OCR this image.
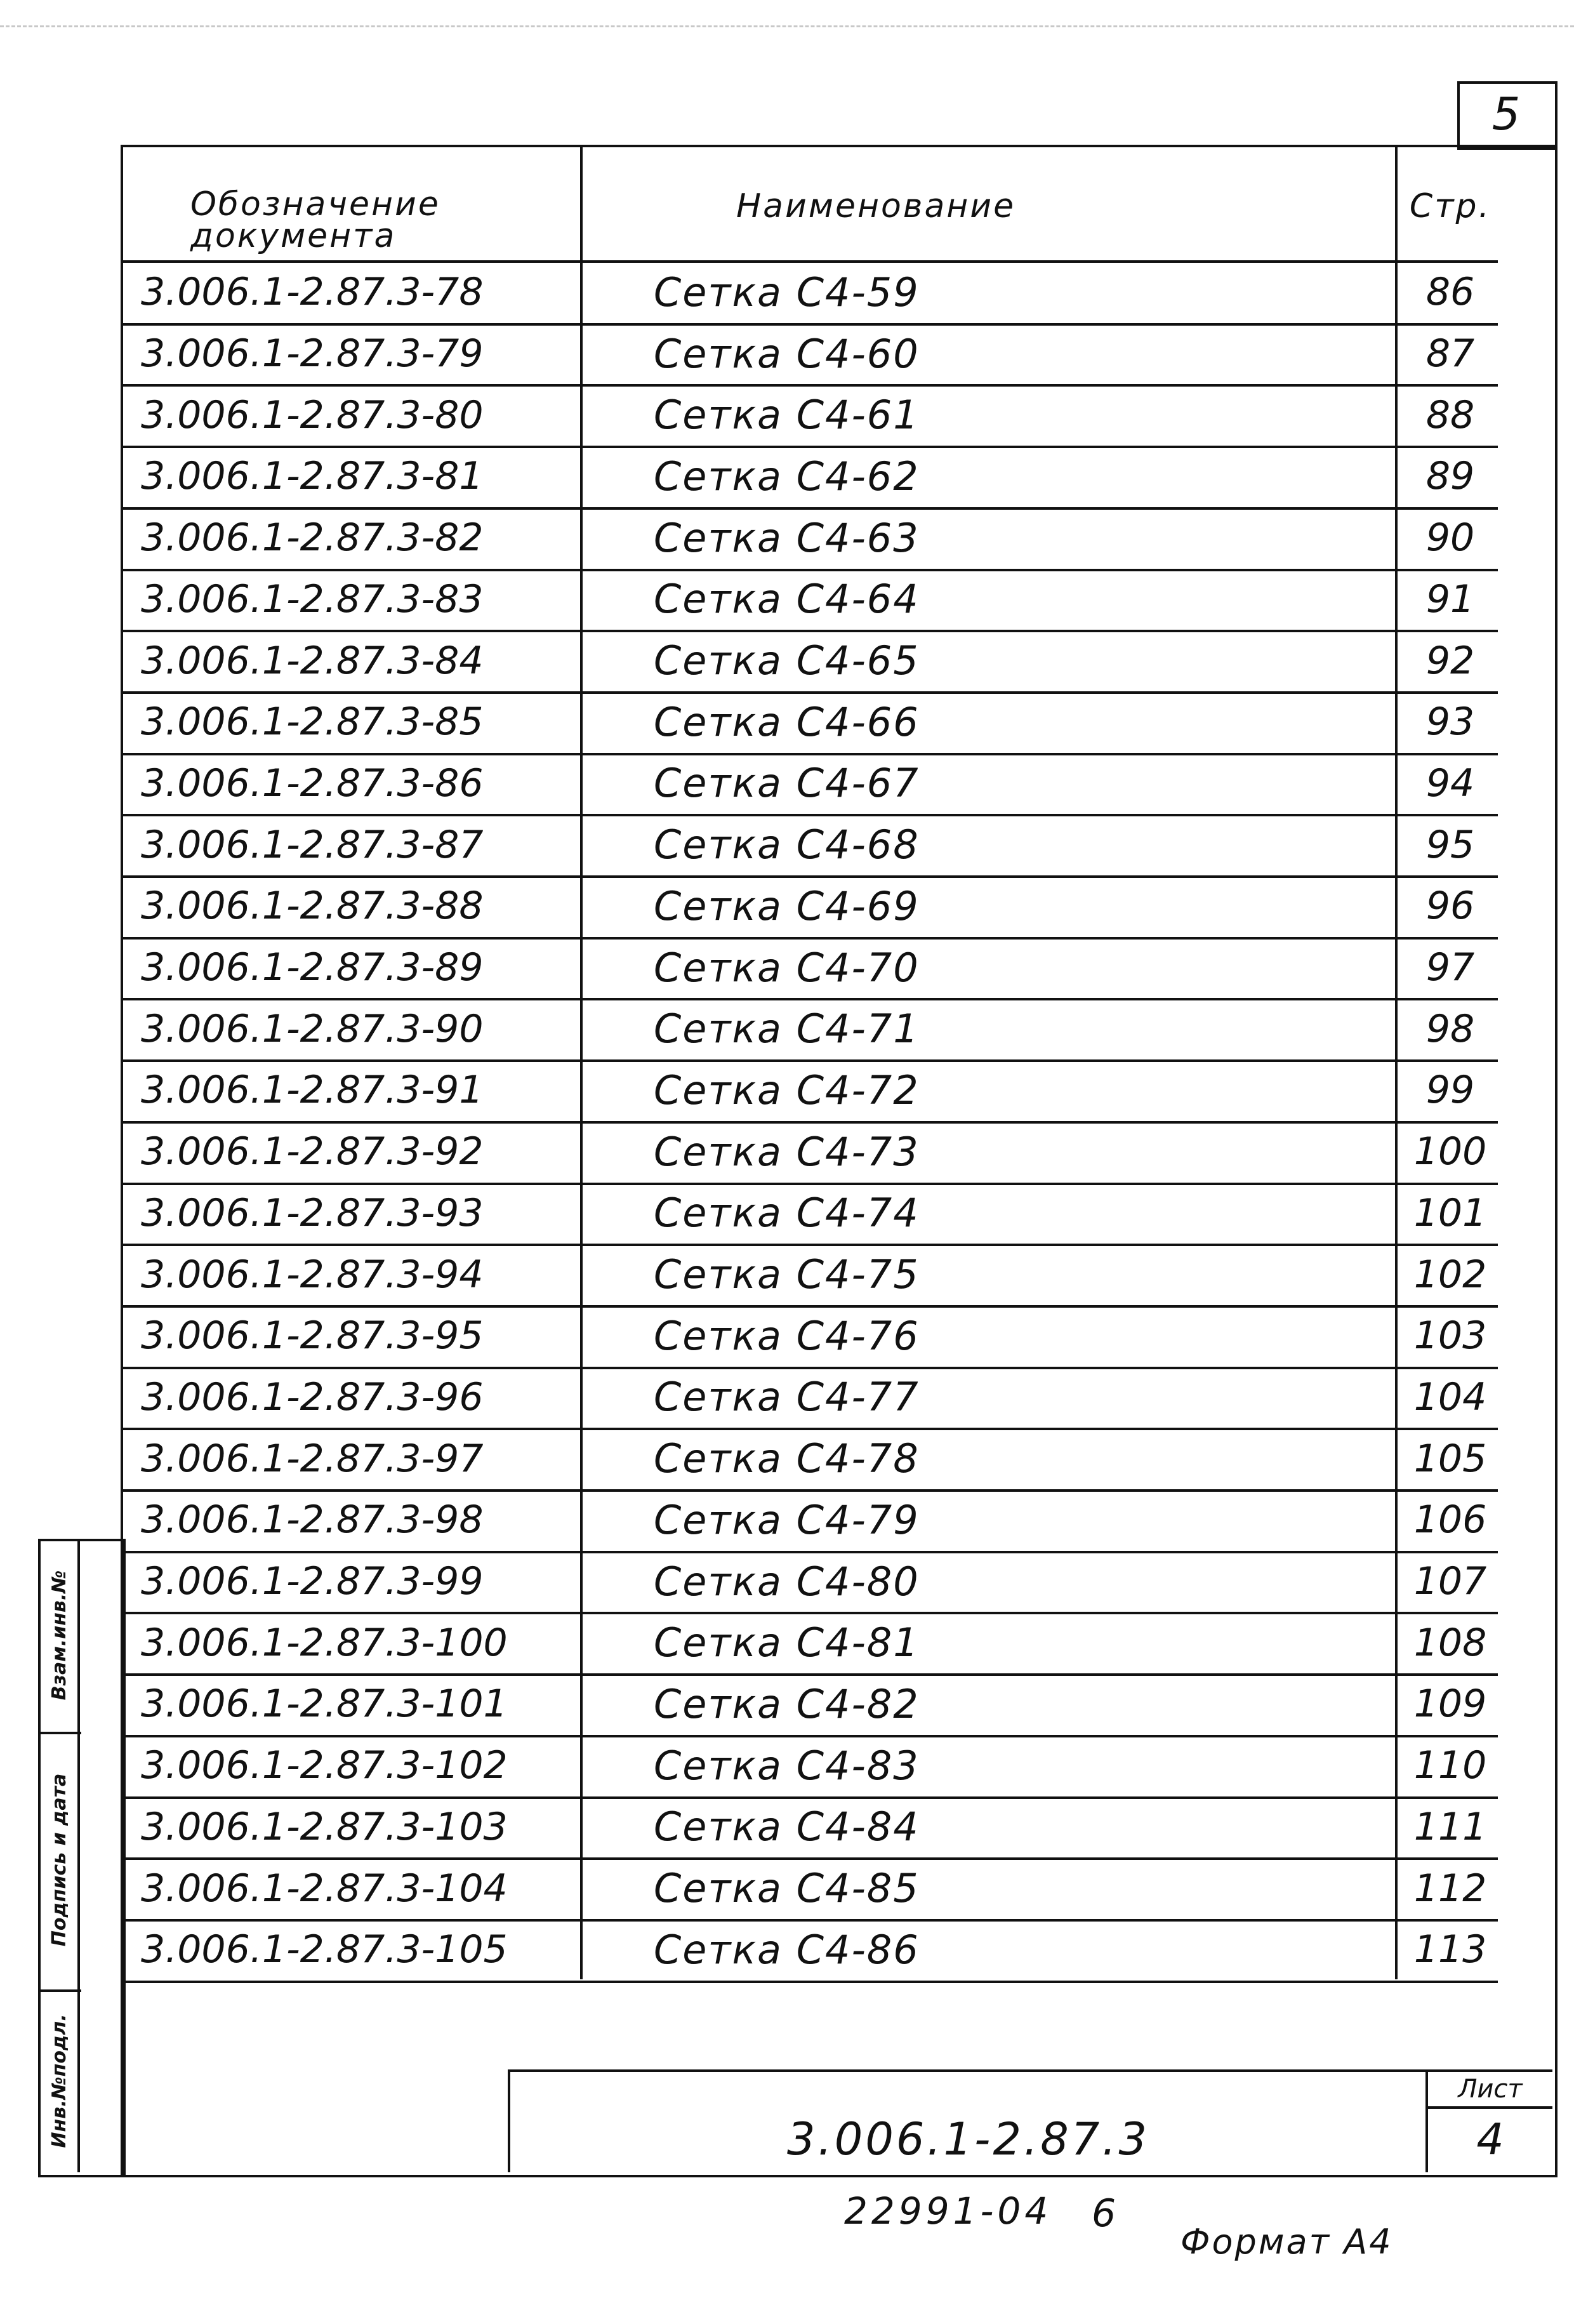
5
Взам.инв.№
Подпись и дата
Инв.№подл.
Обозначение
документа
Наименование	Стр.
3.006.1-2.87.3-78	Сетка С4-59	86
3.006.1-2.87.3-79	Сетка С4-60	87
3.006.1-2.87.3-80	Сетка С4-61	88
3.006.1-2.87.3-81	Сетка С4-62	89
3.006.1-2.87.3-82	Сетка С4-63	90
3.006.1-2.87.3-83	Сетка С4-64	91
3.006.1-2.87.3-84	Сетка С4-65	92
3.006.1-2.87.3-85	Сетка С4-66	93
3.006.1-2.87.3-86	Сетка С4-67	94
3.006.1-2.87.3-87	Сетка С4-68	95
3.006.1-2.87.3-88	Сетка С4-69	96
3.006.1-2.87.3-89	Сетка С4-70	97
3.006.1-2.87.3-90	Сетка С4-71	98
3.006.1-2.87.3-91	Сетка С4-72	99
3.006.1-2.87.3-92	Сетка С4-73	100
3.006.1-2.87.3-93	Сетка С4-74	101
3.006.1-2.87.3-94	Сетка С4-75	102
3.006.1-2.87.3-95	Сетка С4-76	103
3.006.1-2.87.3-96	Сетка С4-77	104
3.006.1-2.87.3-97	Сетка С4-78	105
3.006.1-2.87.3-98	Сетка С4-79	106
3.006.1-2.87.3-99	Сетка С4-80	107
3.006.1-2.87.3-100	Сетка С4-81	108
3.006.1-2.87.3-101	Сетка С4-82	109
3.006.1-2.87.3-102	Сетка С4-83	110
3.006.1-2.87.3-103	Сетка С4-84	111
3.006.1-2.87.3-104	Сетка С4-85	112
3.006.1-2.87.3-105	Сетка С4-86	113
3.006.1-2.87.3
Лист
4
22991-04 6
Формат А4
